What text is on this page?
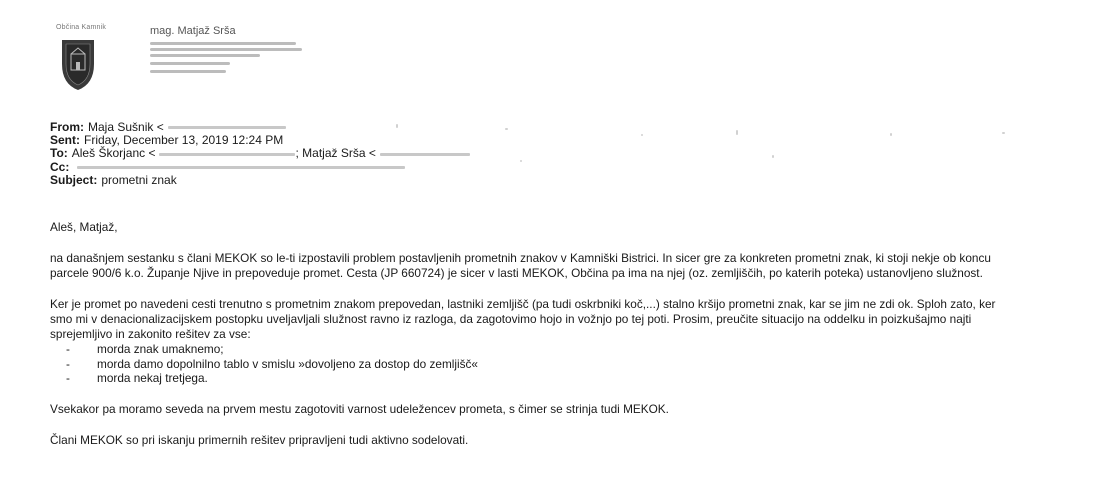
Občina Kamnik	mag. Matjaž Srša
From: Maja Sušnik <
Sent: Friday, December 13, 2019 12:24 PM
To: Aleš Škorjanc <	; Matjaž Srša <
Cc:
Subject: prometni znak

Aleš, Matjaž,

na današnjem sestanku s člani MEKOK so le-ti izpostavili problem postavljenih prometnih znakov v Kamniški Bistrici. In sicer gre za konkreten prometni znak, ki stoji nekje ob koncu
parcele 900/6 k.o. Županje Njive in prepoveduje promet. Cesta (JP 660724) je sicer v lasti MEKOK, Občina pa ima na njej (oz. zemljiščih, po katerih poteka) ustanovljeno služnost.

Ker je promet po navedeni cesti trenutno s prometnim znakom prepovedan, lastniki zemljišč (pa tudi oskrbniki koč,...) stalno kršijo prometni znak, kar se jim ne zdi ok. Sploh zato, ker
smo mi v denacionalizacijskem postopku uveljavljali služnost ravno iz razloga, da zagotovimo hojo in vožnjo po tej poti. Prosim, preučite situacijo na oddelku in poizkušajmo najti
sprejemljivo in zakonito rešitev za vse:

- morda znak umaknemo;
- morda damo dopolnilno tablo v smislu »dovoljeno za dostop do zemljišč«
- morda nekaj tretjega.

Vsekakor pa moramo seveda na prvem mestu zagotoviti varnost udeležencev prometa, s čimer se strinja tudi MEKOK.

Člani MEKOK so pri iskanju primernih rešitev pripravljeni tudi aktivno sodelovati.
